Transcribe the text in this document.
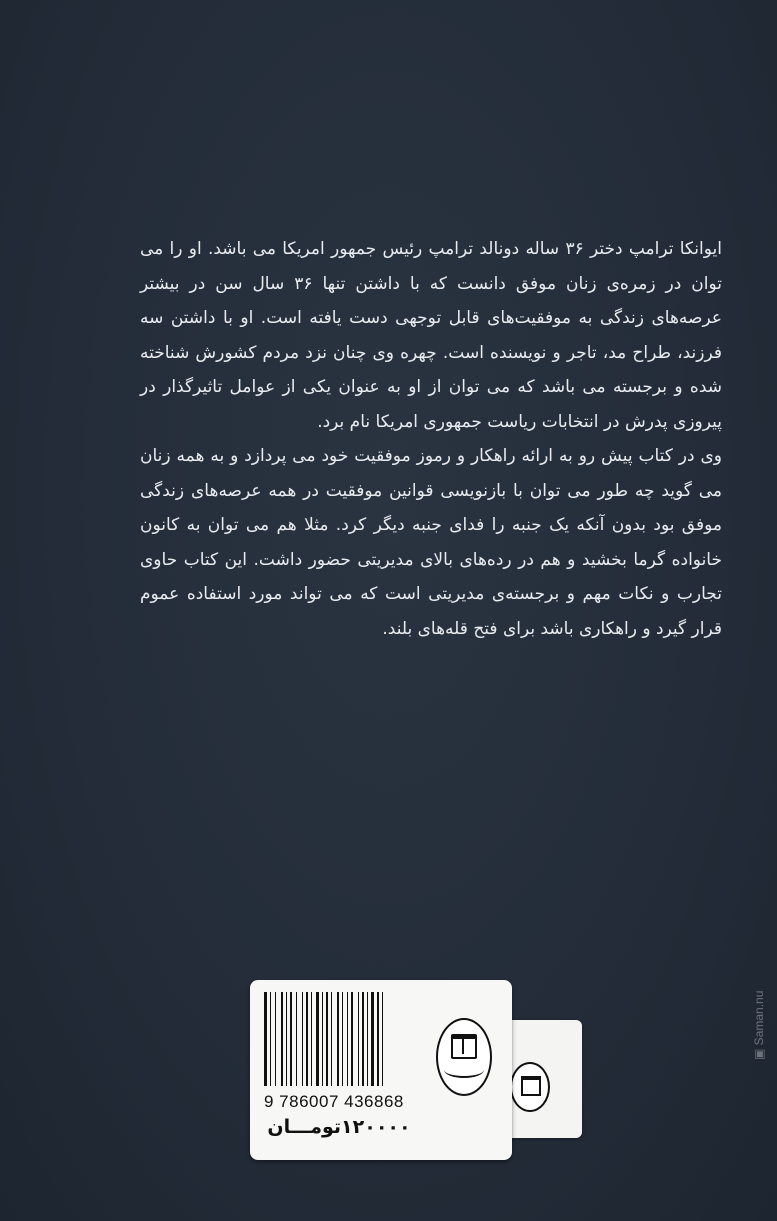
ایوانکا ترامپ دختر ۳۶ ساله دونالد ترامپ رئیس جمهور امریکا می باشد. او را می توان در زمره‌ی زنان موفق دانست که با داشتن تنها ۳۶ سال سن در بیشتر عرصه‌های زندگی به موفقیت‌های قابل توجهی دست یافته است. او با داشتن سه فرزند، طراح مد، تاجر و نویسنده است. چهره وی چنان نزد مردم کشورش شناخته شده و برجسته می باشد که می توان از او به عنوان یکی از عوامل تاثیرگذار در پیروزی پدرش در انتخابات ریاست جمهوری امریکا نام برد.

وی در کتاب پیش رو به ارائه راهکار و رموز موفقیت خود می پردازد و به همه زنان می گوید چه طور می توان با بازنویسی قوانین موفقیت در همه عرصه‌های زندگی موفق بود بدون آنکه یک جنبه را فدای جنبه دیگر کرد. مثلا هم می توان به کانون خانواده گرما بخشید و هم در رده‌های بالای مدیریتی حضور داشت. این کتاب حاوی تجارب و نکات مهم و برجسته‌ی مدیریتی است که می تواند مورد استفاده عموم قرار گیرد و راهکاری باشد برای فتح قله‌های بلند.

9 786007 436868
۱۲۰۰۰۰تومـــان
▣ Saman.nu
